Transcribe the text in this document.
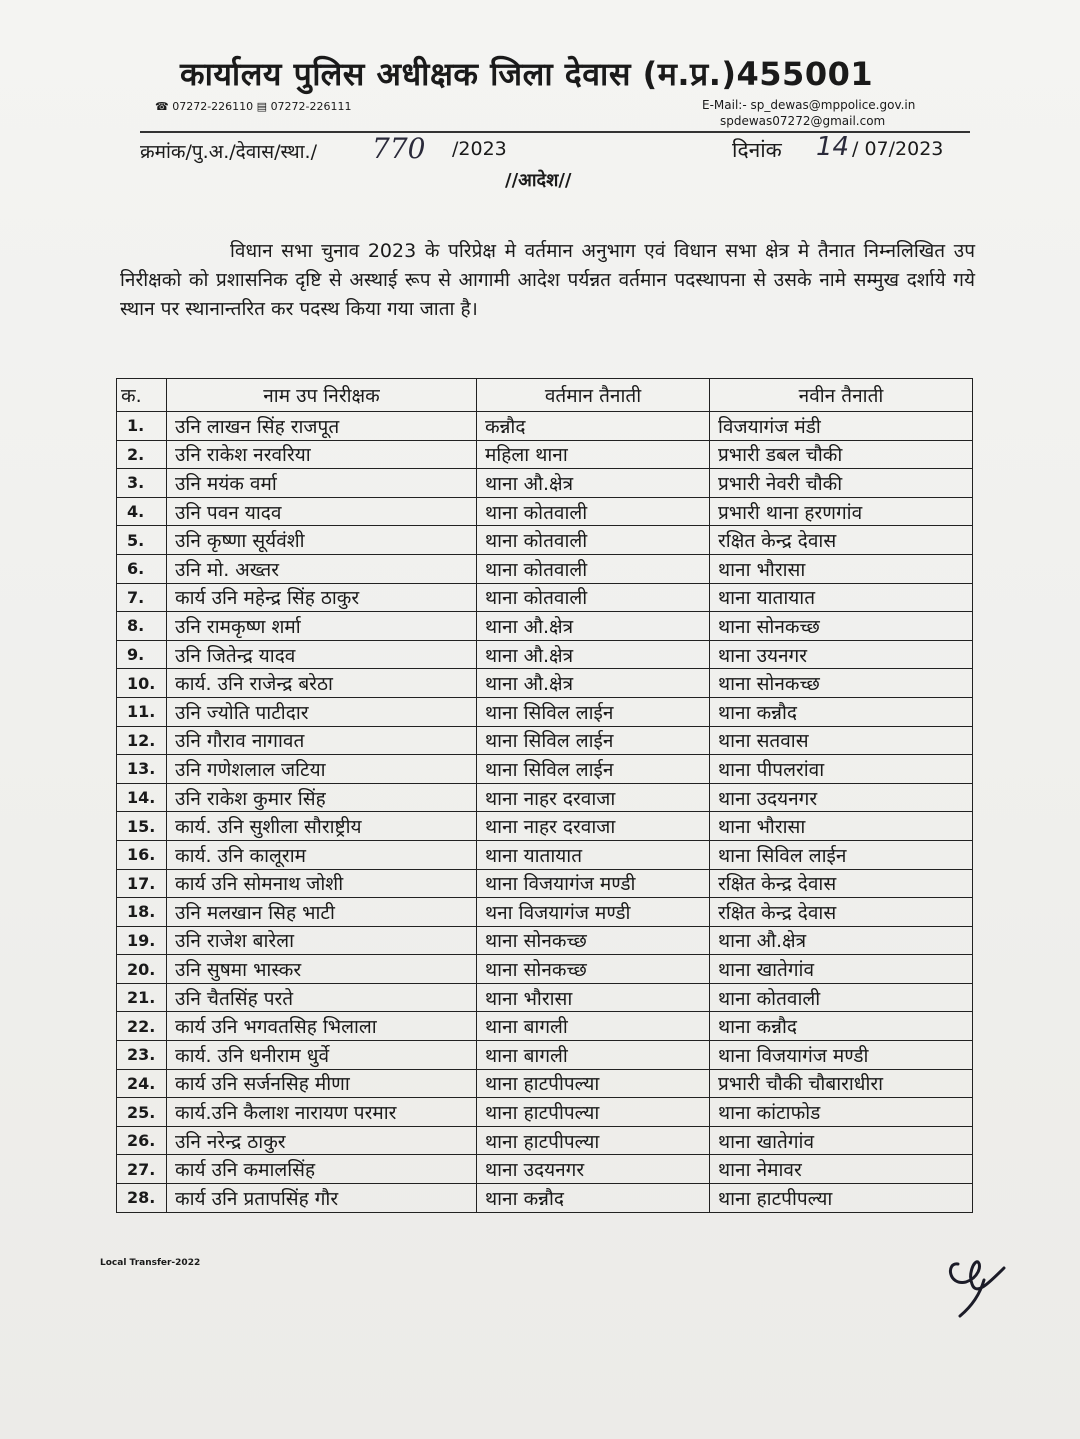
कार्यालय पुलिस अधीक्षक जिला देवास (म.प्र.)455001
☎ 07272-226110 ▤ 07272-226111	E-Mail:- sp_dewas@mppolice.gov.in
spdewas07272@gmail.com
क्रमांक/पु.अ./देवास/स्था./ 770 /2023	दिनांक 14 / 07/2023
//आदेश//
विधान सभा चुनाव 2023 के परिप्रेक्ष मे वर्तमान अनुभाग एवं विधान सभा क्षेत्र मे तैनात निम्नलिखित उप निरीक्षको को प्रशासनिक दृष्टि से अस्थाई रूप से आगामी आदेश पर्यन्नत वर्तमान पदस्थापना से उसके नामे सम्मुख दर्शाये गये स्थान पर स्थानान्तरित कर पदस्थ किया गया जाता है।
क.	नाम उप निरीक्षक	वर्तमान तैनाती	नवीन तैनाती
1.	उनि लाखन सिंह राजपूत	कन्नौद	विजयागंज मंडी
2.	उनि राकेश नरवरिया	महिला थाना	प्रभारी डबल चौकी
3.	उनि मयंक वर्मा	थाना औ.क्षेत्र	प्रभारी नेवरी चौकी
4.	उनि पवन यादव	थाना कोतवाली	प्रभारी थाना हरणगांव
5.	उनि कृष्णा सूर्यवंशी	थाना कोतवाली	रक्षित केन्द्र देवास
6.	उनि मो. अख्तर	थाना कोतवाली	थाना भौरासा
7.	कार्य उनि महेन्द्र सिंह ठाकुर	थाना कोतवाली	थाना यातायात
8.	उनि रामकृष्ण शर्मा	थाना औ.क्षेत्र	थाना सोनकच्छ
9.	उनि जितेन्द्र यादव	थाना औ.क्षेत्र	थाना उयनगर
10.	कार्य. उनि राजेन्द्र बरेठा	थाना औ.क्षेत्र	थाना सोनकच्छ
11.	उनि ज्योति पाटीदार	थाना सिविल लाईन	थाना कन्नौद
12.	उनि गौराव नागावत	थाना सिविल लाईन	थाना सतवास
13.	उनि गणेशलाल जटिया	थाना सिविल लाईन	थाना पीपलरांवा
14.	उनि राकेश कुमार सिंह	थाना नाहर दरवाजा	थाना उदयनगर
15.	कार्य. उनि सुशीला सौराष्ट्रीय	थाना नाहर दरवाजा	थाना भौरासा
16.	कार्य. उनि कालूराम	थाना यातायात	थाना सिविल लाईन
17.	कार्य उनि सोमनाथ जोशी	थाना विजयागंज मण्डी	रक्षित केन्द्र देवास
18.	उनि मलखान सिह भाटी	थना विजयागंज मण्डी	रक्षित केन्द्र देवास
19.	उनि राजेश बारेला	थाना सोनकच्छ	थाना औ.क्षेत्र
20.	उनि सुषमा भास्कर	थाना सोनकच्छ	थाना खातेगांव
21.	उनि चैतसिंह परते	थाना भौरासा	थाना कोतवाली
22.	कार्य उनि भगवतसिह भिलाला	थाना बागली	थाना कन्नौद
23.	कार्य. उनि धनीराम धुर्वे	थाना बागली	थाना विजयागंज मण्डी
24.	कार्य उनि सर्जनसिह मीणा	थाना हाटपीपल्या	प्रभारी चौकी चौबाराधीरा
25.	कार्य.उनि कैलाश नारायण परमार	थाना हाटपीपल्या	थाना कांटाफोड
26.	उनि नरेन्द्र ठाकुर	थाना हाटपीपल्या	थाना खातेगांव
27.	कार्य उनि कमालसिंह	थाना उदयनगर	थाना नेमावर
28.	कार्य उनि प्रतापसिंह गौर	थाना कन्नौद	थाना हाटपीपल्या
Local Transfer-2022
